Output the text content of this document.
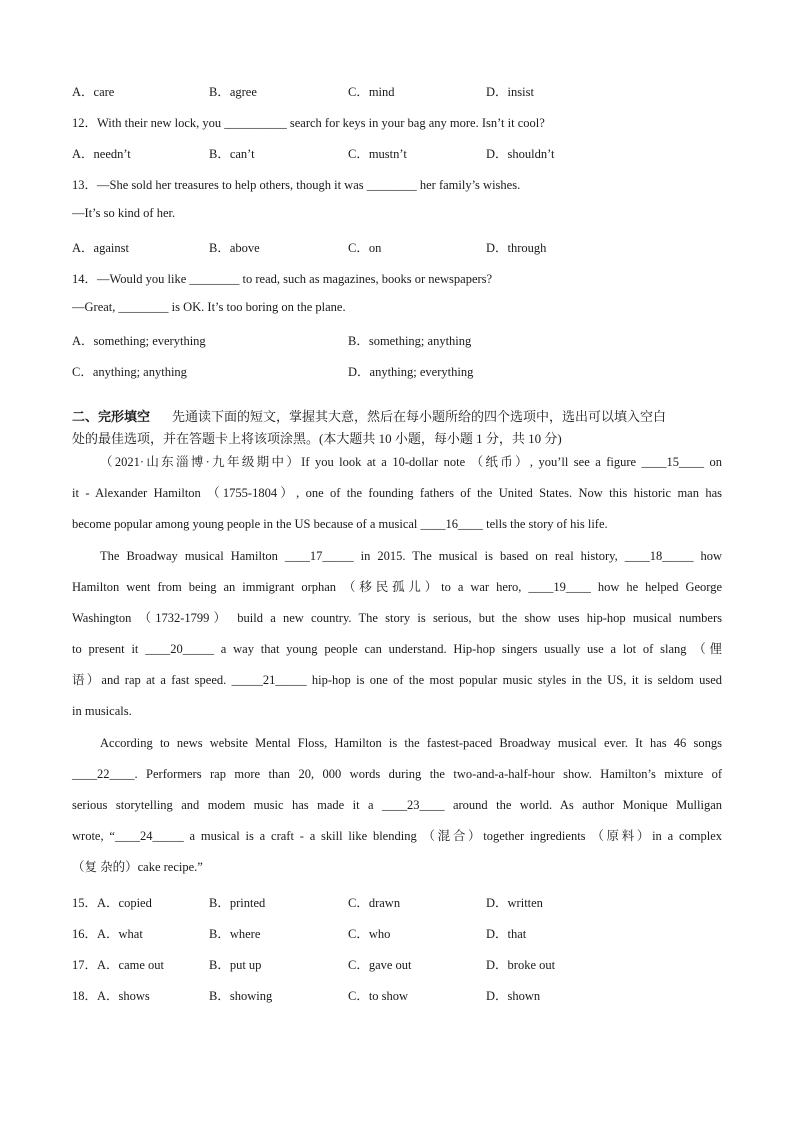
A．care	B．agree	C．mind	D．insist
12．With their new lock, you __________ search for keys in your bag any more. Isn’t it cool?
A．needn’t	B．can’t	C．mustn’t	D．shouldn’t
13．—She sold her treasures to help others, though it was ________ her family’s wishes.
—It’s so kind of her.
A．against	B．above	C．on	D．through
14．—Would you like ________ to read, such as magazines, books or newspapers?
—Great, ________ is OK. It’s too boring on the plane.
A．something; everything	B．something; anything
C．anything; anything	D．anything; everything
二、完形填空 先通读下面的短文，掌握其大意，然后在每小题所给的四个选项中，选出可以填入空白
处的最佳选项，并在答题卡上将该项涂黑。(本大题共 10 小题，每小题 1 分，共 10 分)
（2021·山东淄博·九年级期中）If you look at a 10-dollar note （纸币）, you’ll see a figure ____15____ on
it - Alexander Hamilton （1755-1804）, one of the founding fathers of the United States. Now this historic man has
become popular among young people in the US because of a musical ____16____ tells the story of his life.
The Broadway musical Hamilton ____17_____ in 2015. The musical is based on real history, ____18_____ how
Hamilton went from being an immigrant orphan （移民孤儿）to a war hero, ____19____ how he helped George
Washington （1732-1799） build a new country. The story is serious, but the show uses hip-hop musical numbers
to present it ____20_____ a way that young people can understand. Hip-hop singers usually use a lot of slang （俚
语）and rap at a fast speed. _____21_____ hip-hop is one of the most popular music styles in the US, it is seldom used
in musicals.
According to news website Mental Floss, Hamilton is the fastest-paced Broadway musical ever. It has 46 songs
____22____. Performers rap more than 20, 000 words during the two-and-a-half-hour show. Hamilton’s mixture of
serious storytelling and modem music has made it a ____23____ around the world. As author Monique Mulligan
wrote, “____24_____ a musical is a craft - a skill like blending （混合）together ingredients （原料）in a complex
（复 杂的）cake recipe.”
15．A．copied	B．printed	C．drawn	D．written
16．A．what	B．where	C．who	D．that
17．A．came out	B．put up	C．gave out	D．broke out
18．A．shows	B．showing	C．to show	D．shown
